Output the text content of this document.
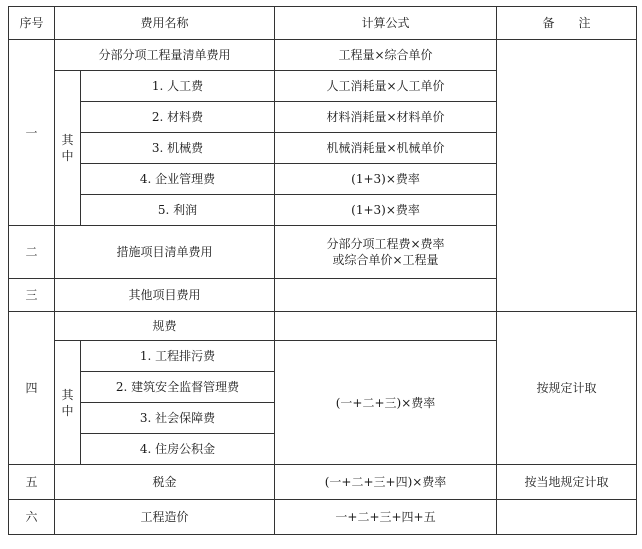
序号	费用名称		计算公式	备　　注
一	分部分项工程量清单费用		工程量×综合单价	
	其中	1. 人工费	人工消耗量×人工单价	
		2. 材料费	材料消耗量×材料单价	
		3. 机械费	机械消耗量×机械单价	
		4. 企业管理费	(1+3)×费率	
		5. 利润	(1+3)×费率	
二	措施项目清单费用		分部分项工程费×费率
或综合单价×工程量	

三	其他项目费用			
四	规费			按规定计取
	其中	1. 工程排污费	(一+二+三)×费率	
		2. 建筑安全监督管理费		
		3. 社会保障费		
		4. 住房公积金		
五	税金		(一+二+三+四)×费率	按当地规定计取
六	工程造价		一+二+三+四+五	
